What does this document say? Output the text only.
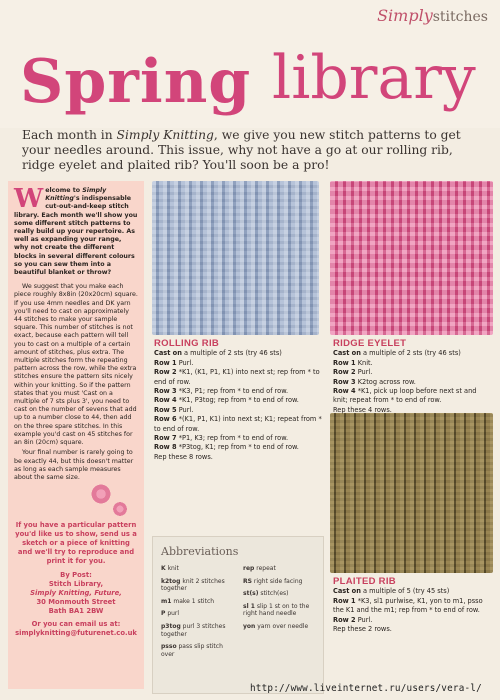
Simplystitches
Spring library
Each month in Simply Knitting, we give you new stitch patterns to get your needles around. This issue, why not have a go at our rolling rib, ridge eyelet and plaited rib? You'll soon be a pro!

Welcome to Simply Knitting's indispensable cut-out-and-keep stitch library. Each month we'll show you some different stitch patterns to really build up your repertoire. As well as expanding your range, why not create the different blocks in several different colours so you can sew them into a beautiful blanket or throw?

We suggest that you make each piece roughly 8x8in (20x20cm) square. If you use 4mm needles and DK yarn you'll need to cast on approximately 44 stitches to make your sample square. This number of stitches is not exact, because each pattern will tell you to cast on a multiple of a certain amount of stitches, plus extra. The multiple stitches form the repeating pattern across the row, while the extra stitches ensure the pattern sits nicely within your knitting. So if the pattern states that you must 'Cast on a multiple of 7 sts plus 3', you need to cast on the number of sevens that add up to a number close to 44, then add on the three spare stitches. In this example you'd cast on 45 stitches for an 8in (20cm) square.

Your final number is rarely going to be exactly 44, but this doesn't matter as long as each sample measures about the same size.

If you have a particular pattern you'd like us to show, send us a sketch or a piece of knitting and we'll try to reproduce and print it for you.
By Post:
Stitch Library,
Simply Knitting, Future,
30 Monmouth Street
Bath BA1 2BW
Or you can email us at:
simplyknitting@futurenet.co.uk
ROLLING RIB
Cast on a multiple of 2 sts (try 46 sts)
Row 1 Purl.
Row 2 *K1, (K1, P1, K1) into next st; rep from * to end of row.
Row 3 *K3, P1; rep from * to end of row.
Row 4 *K1, P3tog; rep from * to end of row.
Row 5 Purl.
Row 6 *(K1, P1, K1) into next st; K1; repeat from * to end of row.
Row 7 *P1, K3; rep from * to end of row.
Row 8 *P3tog, K1; rep from * to end of row.
Rep these 8 rows.
RIDGE EYELET
Cast on a multiple of 2 sts (try 46 sts)
Row 1 Knit.
Row 2 Purl.
Row 3 K2tog across row.
Row 4 *K1, pick up loop before next st and knit; repeat from * to end of row.
Rep these 4 rows.
PLAITED RIB
Cast on a multiple of 5 (try 45 sts)
Row 1 *K3, sl1 purlwise, K1, yon to m1, psso the K1 and the m1; rep from * to end of row.
Row 2 Purl.
Rep these 2 rows.
Abbreviations
K knit
k2tog knit 2 stitches together
m1 make 1 stitch
P purl
p3tog purl 3 stitches together
psso pass slip stitch over
rep repeat
RS right side facing
st(s) stitch(es)
sl 1 slip 1 st on to the right hand needle
yon yarn over needle
http://www.liveinternet.ru/users/vera-l/
